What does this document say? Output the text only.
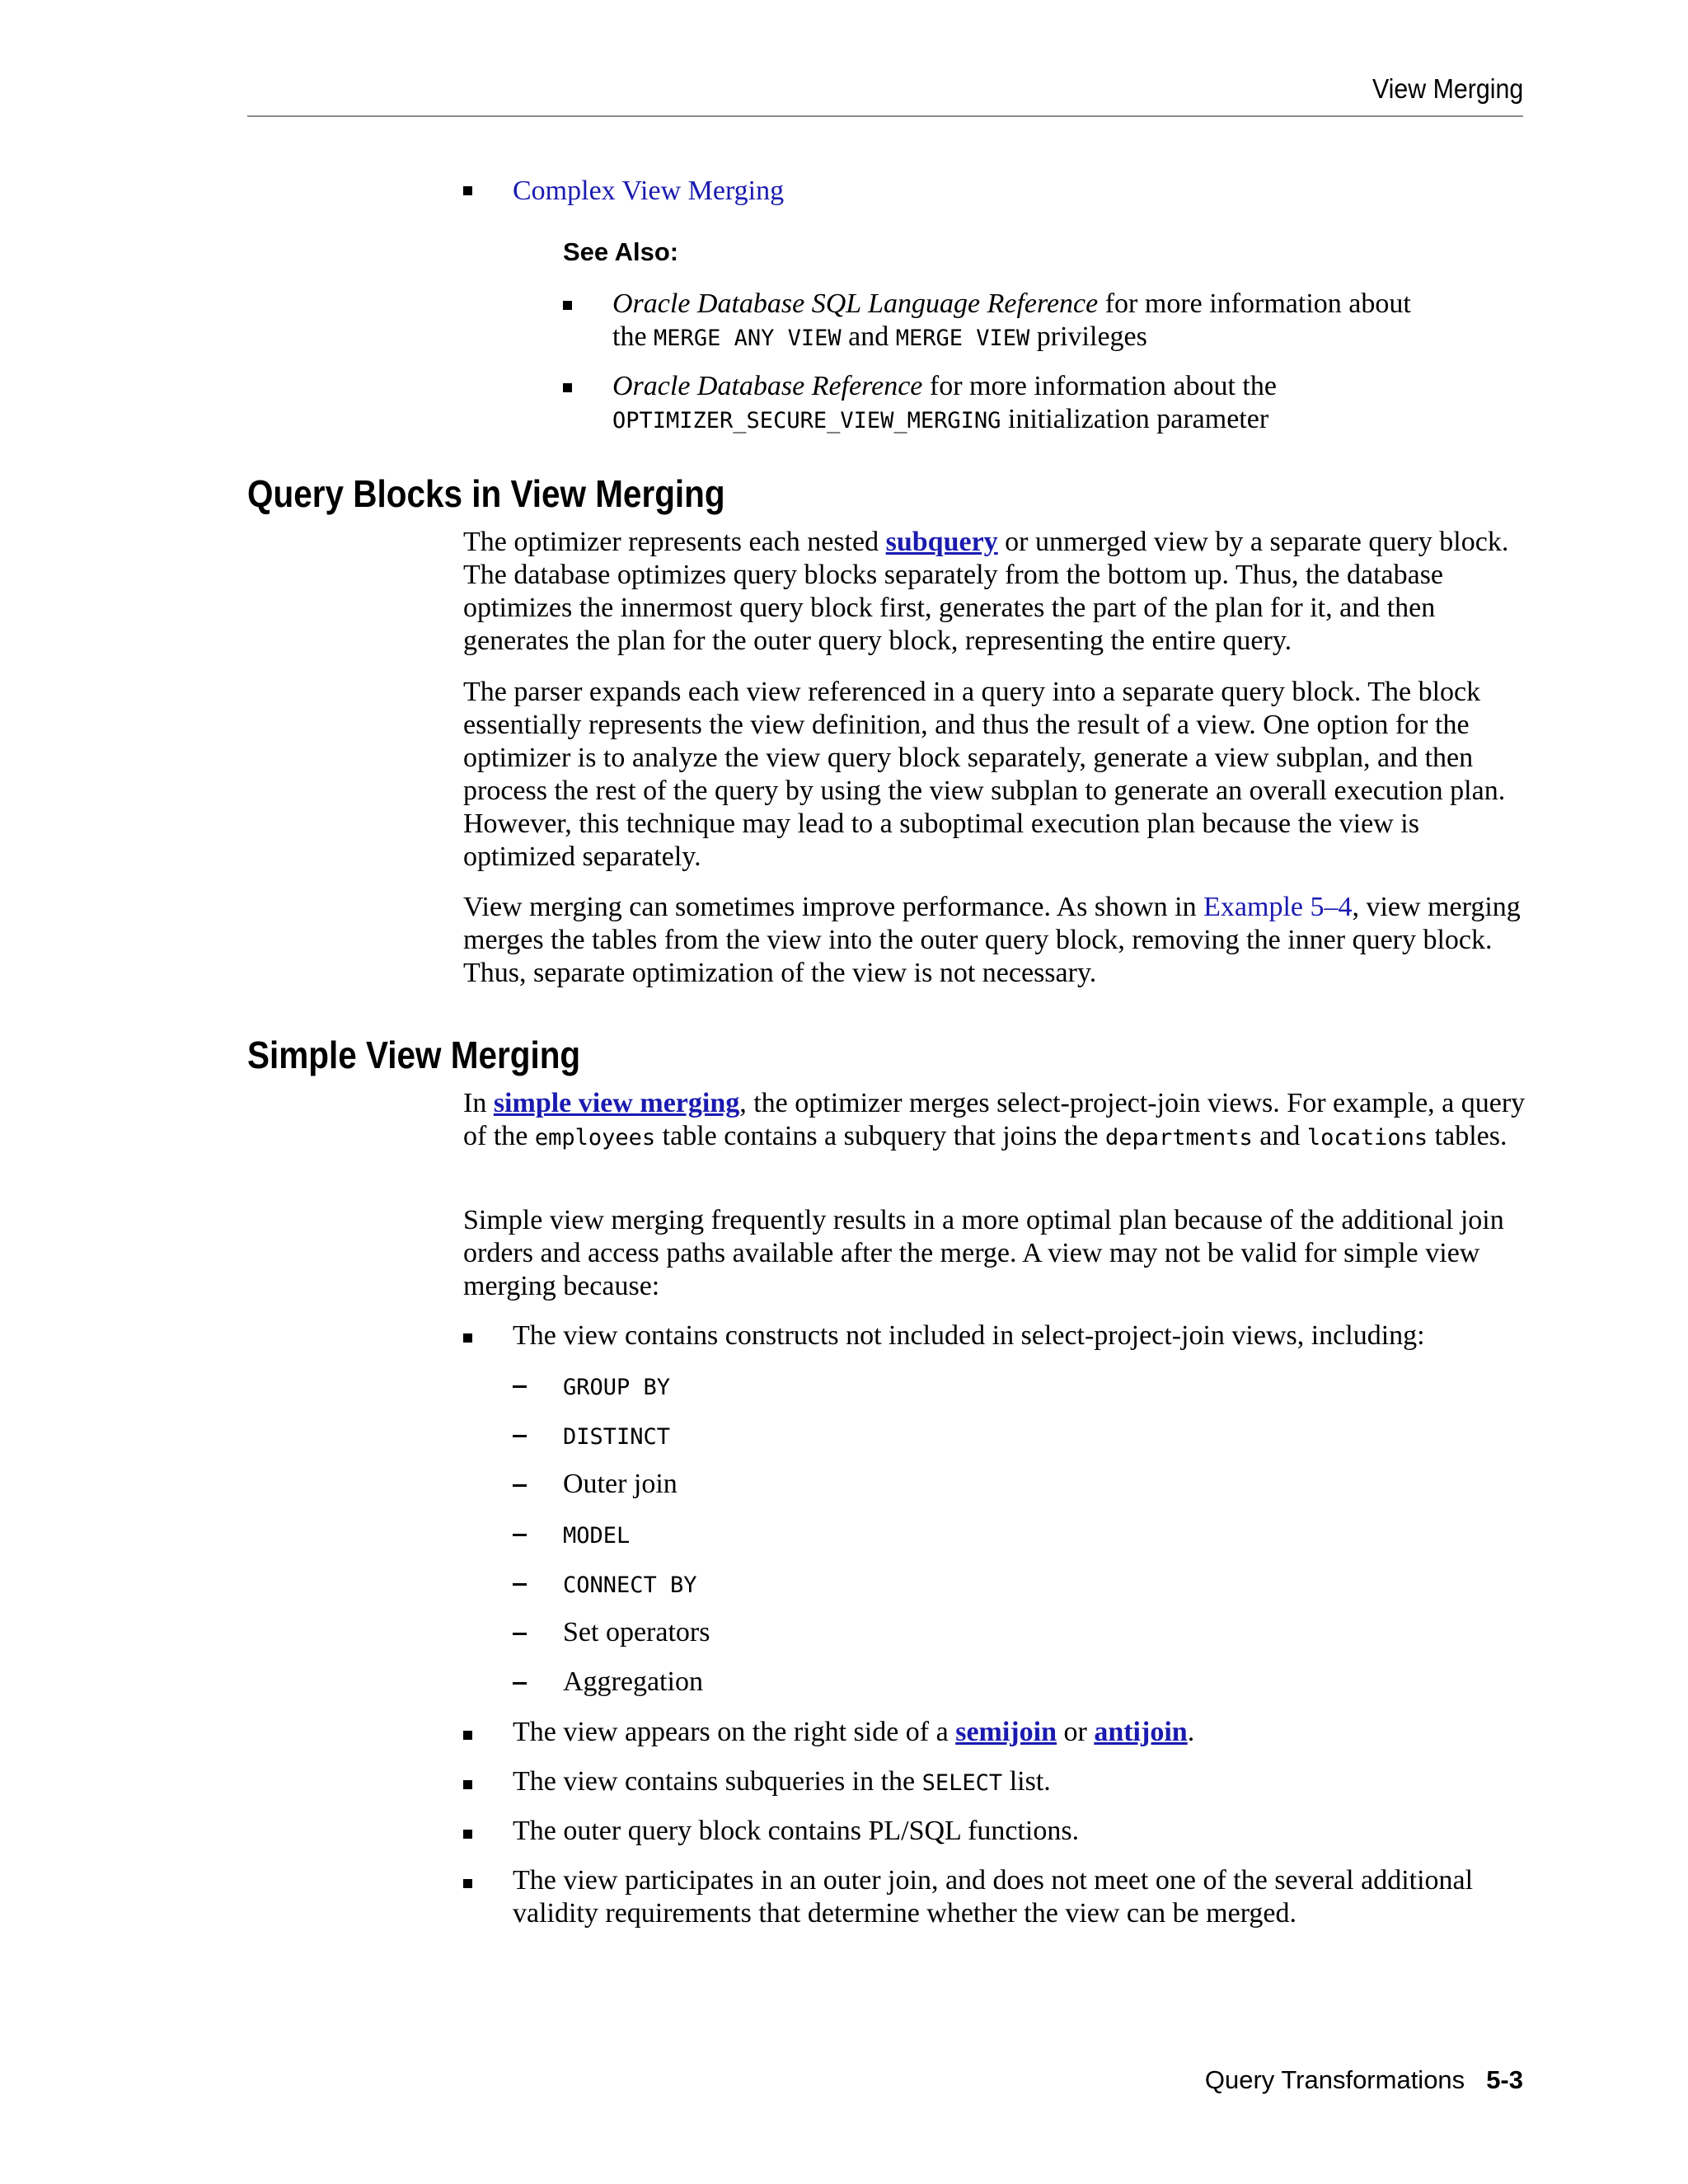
View Merging
Complex View Merging
See Also:
Oracle Database SQL Language Reference for more information about
the MERGE ANY VIEW and MERGE VIEW privileges
Oracle Database Reference for more information about the
OPTIMIZER_SECURE_VIEW_MERGING initialization parameter
Query Blocks in View Merging

The optimizer represents each nested subquery or unmerged view by a separate query block. The database optimizes query blocks separately from the bottom up. Thus, the database optimizes the innermost query block first, generates the part of the plan for it, and then generates the plan for the outer query block, representing the entire query.

The parser expands each view referenced in a query into a separate query block. The block essentially represents the view definition, and thus the result of a view. One option for the optimizer is to analyze the view query block separately, generate a view subplan, and then process the rest of the query by using the view subplan to generate an overall execution plan. However, this technique may lead to a suboptimal execution plan because the view is optimized separately.

View merging can sometimes improve performance. As shown in Example 5–4, view merging merges the tables from the view into the outer query block, removing the inner query block. Thus, separate optimization of the view is not necessary.

Simple View Merging

In simple view merging, the optimizer merges select-project-join views. For example, a query of the employees table contains a subquery that joins the departments and locations tables.

Simple view merging frequently results in a more optimal plan because of the additional join orders and access paths available after the merge. A view may not be valid for simple view merging because:

The view contains constructs not included in select-project-join views, including:
GROUP BY
DISTINCT
Outer join
MODEL
CONNECT BY
Set operators
Aggregation
The view appears on the right side of a semijoin or antijoin.
The view contains subqueries in the SELECT list.
The outer query block contains PL/SQL functions.
The view participates in an outer join, and does not meet one of the several additional validity requirements that determine whether the view can be merged.
Query Transformations 5-3
